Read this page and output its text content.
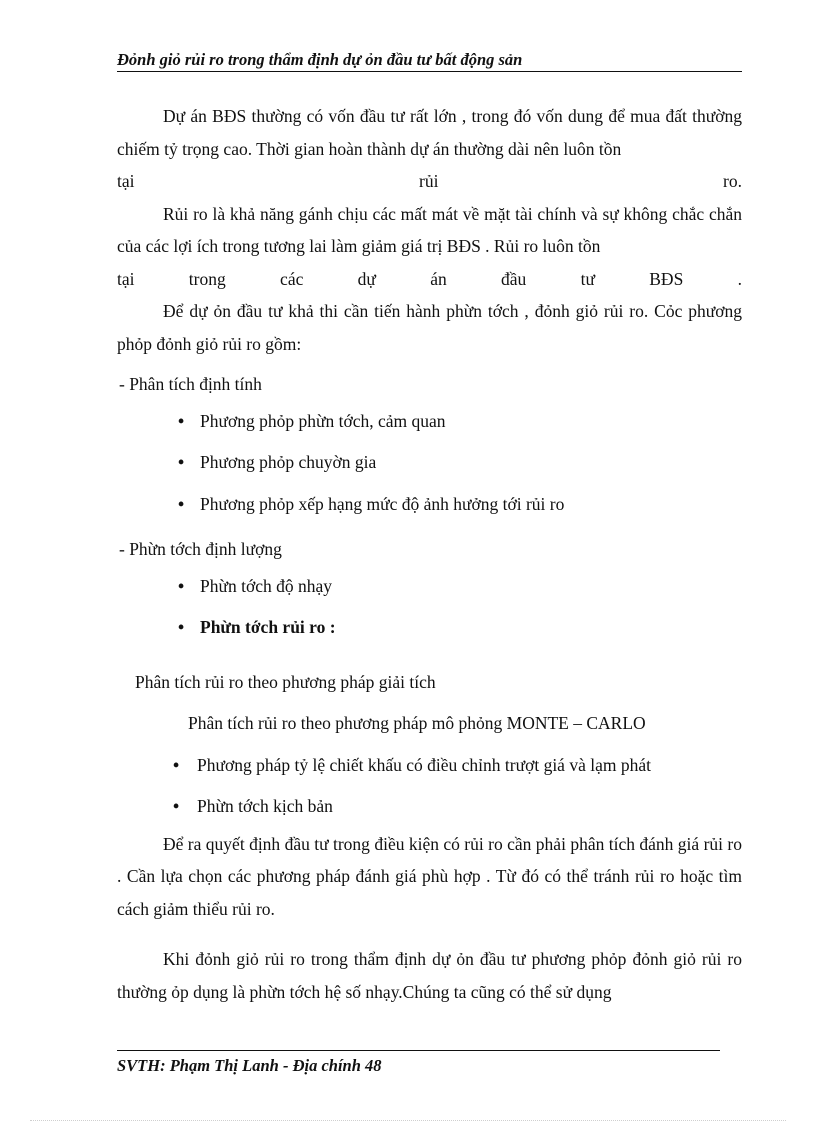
Đỏnh giỏ rủi ro trong thẩm định dự ỏn đầu tư bất động sản

Dự án BĐS thường có vốn đầu tư rất lớn , trong đó vốn dung để mua đất thường chiếm tỷ trọng cao. Thời gian hoàn thành dự án thường dài nên luôn tồn

tại rủi ro.

Rủi ro là khả năng gánh chịu các mất mát về mặt tài chính và sự không chắc chắn của các lợi ích trong tương lai làm giảm giá trị BĐS . Rủi ro luôn tồn

tại trong các dự án đầu tư BĐS .

Để dự ỏn đầu tư khả thi cần tiến hành phừn tớch , đỏnh giỏ rủi ro. Cỏc phương phỏp đỏnh giỏ rủi ro gồm:

- Phân tích định tính
• Phương phỏp phừn tớch, cảm quan
• Phương phỏp chuyờn gia
• Phương phỏp xếp hạng mức độ ảnh hưởng tới rủi ro
- Phừn tớch định lượng
• Phừn tớch độ nhạy
• Phừn tớch rủi ro :
Phân tích rủi ro theo phương pháp giải tích
Phân tích rủi ro theo phương pháp mô phỏng MONTE – CARLO
• Phương pháp tỷ lệ chiết khấu có điều chỉnh trượt giá và lạm phát
• Phừn tớch kịch bản

Để ra quyết định đầu tư trong điều kiện có rủi ro cần phải phân tích đánh giá rủi ro . Cần lựa chọn các phương pháp đánh giá phù hợp . Từ đó có thể tránh rủi ro hoặc tìm cách giảm thiểu rủi ro.

Khi đỏnh giỏ rủi ro trong thẩm định dự ỏn đầu tư phương phỏp đỏnh giỏ rủi ro thường ỏp dụng là phừn tớch hệ số nhạy.Chúng ta cũng có thể sử dụng

SVTH: Phạm Thị Lanh - Địa chính 48
